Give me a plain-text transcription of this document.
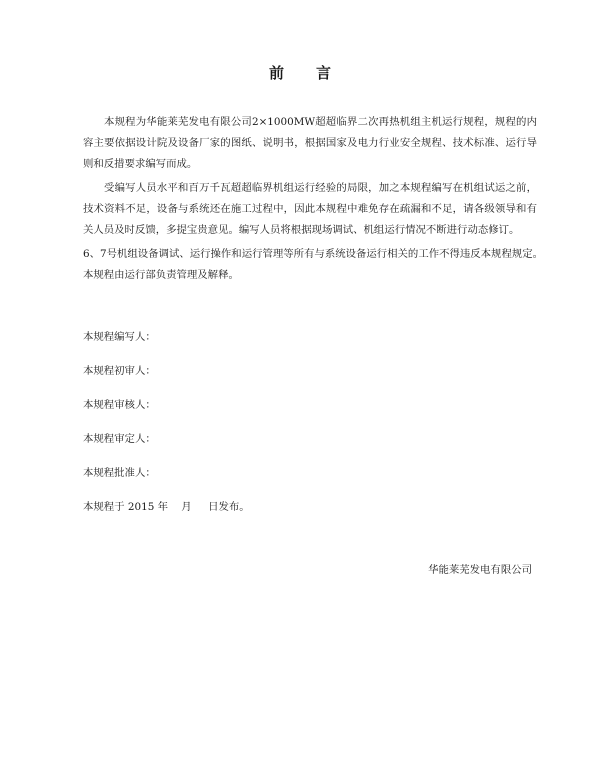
前言

本规程为华能莱芜发电有限公司2×1000MW超超临界二次再热机组主机运行规程，规程的内容主要依据设计院及设备厂家的图纸、说明书，根据国家及电力行业安全规程、技术标准、运行导则和反措要求编写而成。

受编写人员水平和百万千瓦超超临界机组运行经验的局限，加之本规程编写在机组试运之前，技术资料不足，设备与系统还在施工过程中，因此本规程中难免存在疏漏和不足，请各级领导和有关人员及时反馈，多提宝贵意见。编写人员将根据现场调试、机组运行情况不断进行动态修订。

6、7号机组设备调试、运行操作和运行管理等所有与系统设备运行相关的工作不得违反本规程规定。

本规程由运行部负责管理及解释。

本规程编写人：
本规程初审人：
本规程审核人：
本规程审定人：
本规程批准人：
本规程于 2015 年    月     日发布。
华能莱芜发电有限公司
